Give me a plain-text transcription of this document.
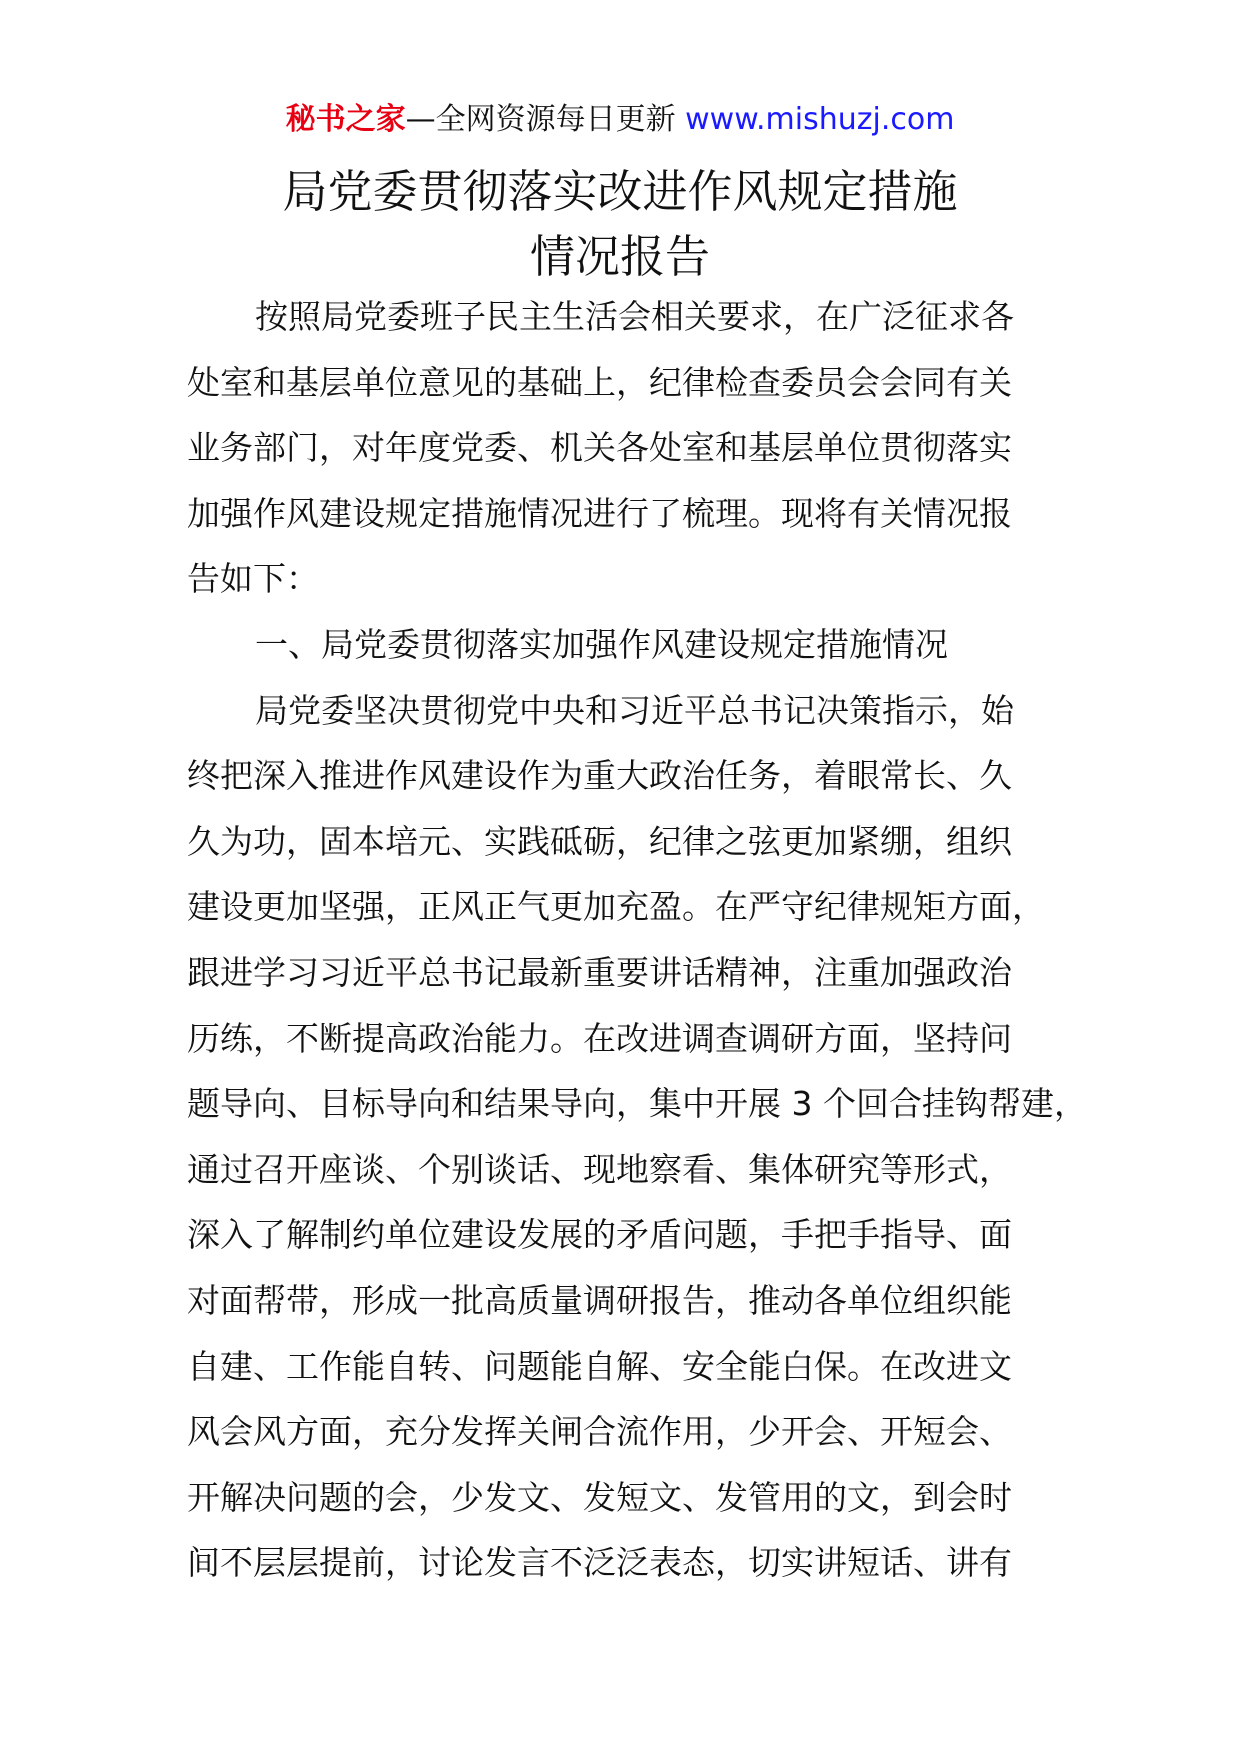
秘书之家—全网资源每日更新 www.mishuzj.com
局党委贯彻落实改进作风规定措施
情况报告
按照局党委班子民主生活会相关要求，在广泛征求各
处室和基层单位意见的基础上，纪律检查委员会会同有关
业务部门，对年度党委、机关各处室和基层单位贯彻落实
加强作风建设规定措施情况进行了梳理。现将有关情况报
告如下：
一、局党委贯彻落实加强作风建设规定措施情况
局党委坚决贯彻党中央和习近平总书记决策指示，始
终把深入推进作风建设作为重大政治任务，着眼常长、久
久为功，固本培元、实践砥砺，纪律之弦更加紧绷，组织
建设更加坚强，正风正气更加充盈。在严守纪律规矩方面，
跟进学习习近平总书记最新重要讲话精神，注重加强政治
历练，不断提高政治能力。在改进调查调研方面，坚持问
题导向、目标导向和结果导向，集中开展 3 个回合挂钩帮建，
通过召开座谈、个别谈话、现地察看、集体研究等形式，
深入了解制约单位建设发展的矛盾问题，手把手指导、面
对面帮带，形成一批高质量调研报告，推动各单位组织能
自建、工作能自转、问题能自解、安全能白保。在改进文
风会风方面，充分发挥关闸合流作用，少开会、开短会、
开解决问题的会，少发文、发短文、发管用的文，到会时
间不层层提前，讨论发言不泛泛表态，切实讲短话、讲有
